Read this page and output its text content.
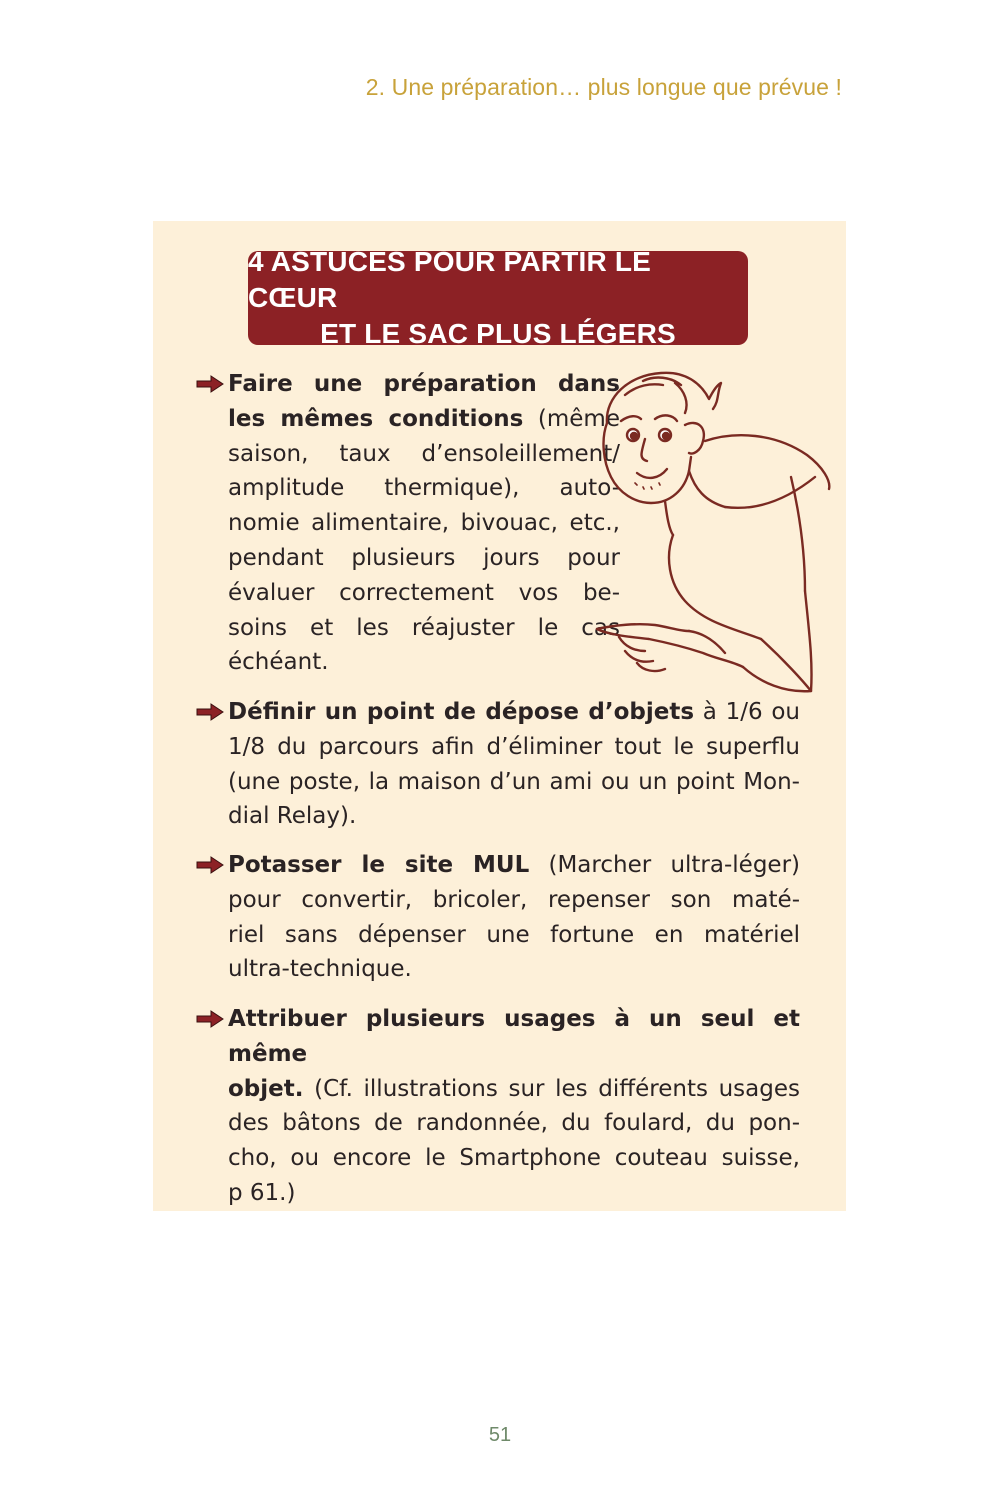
2. Une préparation… plus longue que prévue !
4 ASTUCES POUR PARTIR LE CŒUR
ET LE SAC PLUS LÉGERS
Faire une préparation dans
les mêmes conditions (même
saison, taux d’ensoleillement/
amplitude thermique), auto-
nomie alimentaire, bivouac, etc.,
pendant plusieurs jours pour
évaluer correctement vos be-
soins et les réajuster le cas
échéant.
Définir un point de dépose d’objets à 1/6 ou
1/8 du parcours afin d’éliminer tout le superflu
(une poste, la maison d’un ami ou un point Mon-
dial Relay).
Potasser le site MUL (Marcher ultra-léger)
pour convertir, bricoler, repenser son maté-
riel sans dépenser une fortune en matériel
ultra-technique.
Attribuer plusieurs usages à un seul et même
objet. (Cf. illustrations sur les différents usages
des bâtons de randonnée, du foulard, du pon-
cho, ou encore le Smartphone couteau suisse,
p 61.)
51
